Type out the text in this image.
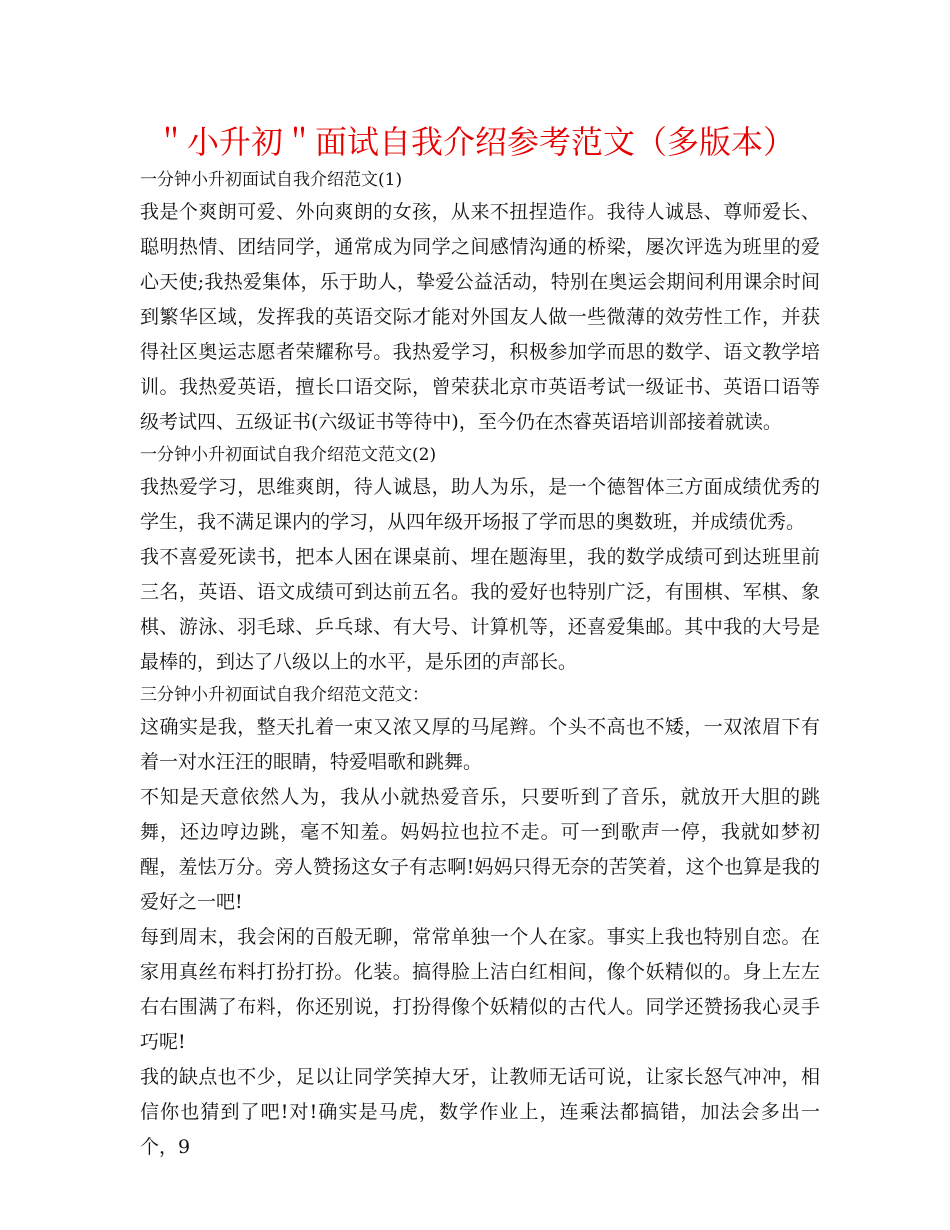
＂小升初＂面试自我介绍参考范文（多版本）
一分钟小升初面试自我介绍范文(1)
我是个爽朗可爱、外向爽朗的女孩，从来不扭捏造作。我待人诚恳、尊师爱长、聪明热情、团结同学，通常成为同学之间感情沟通的桥梁，屡次评选为班里的爱心天使;我热爱集体，乐于助人，挚爱公益活动，特别在奥运会期间利用课余时间到繁华区域，发挥我的英语交际才能对外国友人做一些微薄的效劳性工作，并获得社区奥运志愿者荣耀称号。我热爱学习，积极参加学而思的数学、语文教学培训。我热爱英语，擅长口语交际，曾荣获北京市英语考试一级证书、英语口语等级考试四、五级证书(六级证书等待中)，至今仍在杰睿英语培训部接着就读。
一分钟小升初面试自我介绍范文范文(2)
我热爱学习，思维爽朗，待人诚恳，助人为乐，是一个德智体三方面成绩优秀的学生，我不满足课内的学习，从四年级开场报了学而思的奥数班，并成绩优秀。
我不喜爱死读书，把本人困在课桌前、埋在题海里，我的数学成绩可到达班里前三名，英语、语文成绩可到达前五名。我的爱好也特别广泛，有围棋、军棋、象棋、游泳、羽毛球、乒乓球、有大号、计算机等，还喜爱集邮。其中我的大号是最棒的，到达了八级以上的水平，是乐团的声部长。
三分钟小升初面试自我介绍范文范文：
这确实是我，整天扎着一束又浓又厚的马尾辫。个头不高也不矮，一双浓眉下有着一对水汪汪的眼睛，特爱唱歌和跳舞。
不知是天意依然人为，我从小就热爱音乐，只要听到了音乐，就放开大胆的跳舞，还边哼边跳，毫不知羞。妈妈拉也拉不走。可一到歌声一停，我就如梦初醒，羞怯万分。旁人赞扬这女子有志啊!妈妈只得无奈的苦笑着，这个也算是我的爱好之一吧!
每到周末，我会闲的百般无聊，常常单独一个人在家。事实上我也特别自恋。在家用真丝布料打扮打扮。化装。搞得脸上洁白红相间，像个妖精似的。身上左左右右围满了布料，你还别说，打扮得像个妖精似的古代人。同学还赞扬我心灵手巧呢!
我的缺点也不少，足以让同学笑掉大牙，让教师无话可说，让家长怒气冲冲，相信你也猜到了吧!对!确实是马虎，数学作业上，连乘法都搞错，加法会多出一个，9
